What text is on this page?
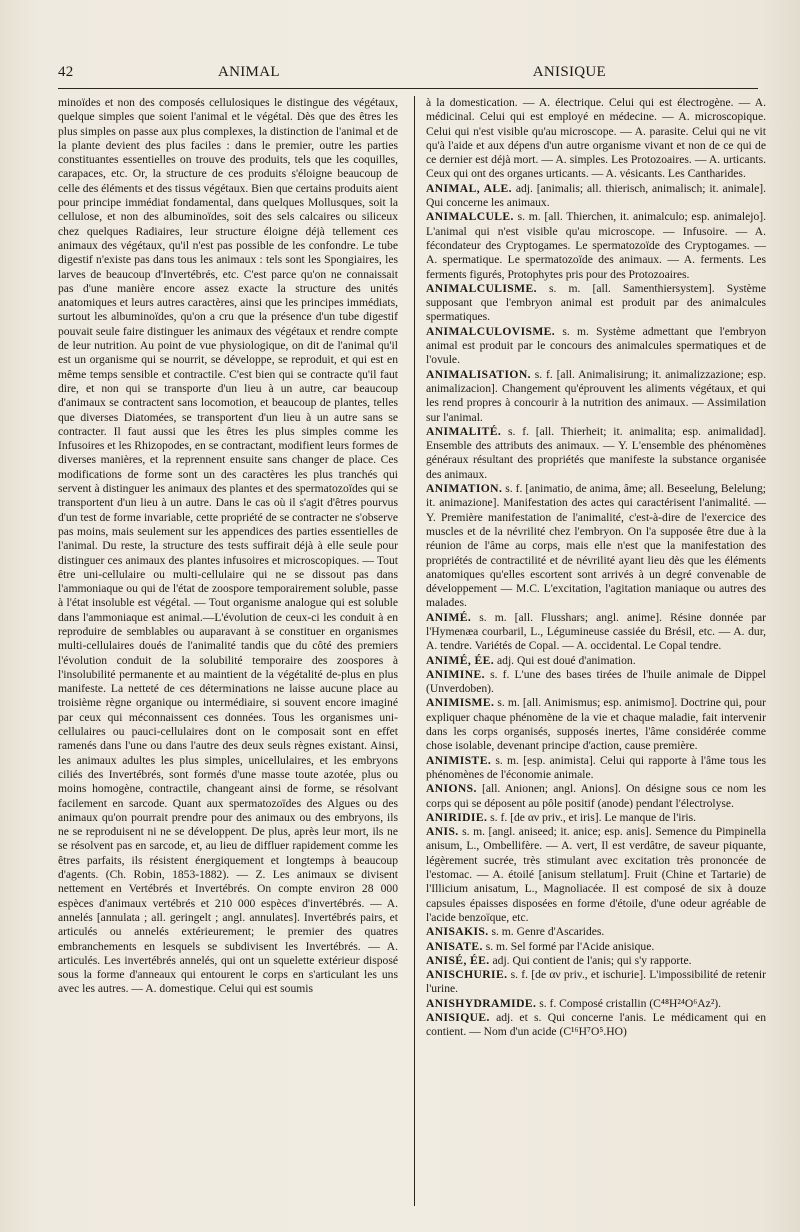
42	ANIMAL	ANISIQUE

minoïdes et non des composés cellulosiques le distingue des végétaux, quelque simples que soient l'animal et le végétal. Dès que des êtres les plus simples on passe aux plus complexes, la distinction de l'animal et de la plante devient des plus faciles : dans le premier, outre les parties constituantes essentielles on trouve des produits, tels que les coquilles, carapaces, etc. Or, la structure de ces produits s'éloigne beaucoup de celle des éléments et des tissus végétaux. Bien que certains produits aient pour principe immédiat fondamental, dans quelques Mollusques, soit la cellulose, et non des albuminoïdes, soit des sels calcaires ou siliceux chez quelques Radiaires, leur structure éloigne déjà tellement ces animaux des végétaux, qu'il n'est pas possible de les confondre. Le tube digestif n'existe pas dans tous les animaux : tels sont les Spongiaires, les larves de beaucoup d'Invertébrés, etc. C'est parce qu'on ne connaissait pas d'une manière encore assez exacte la structure des unités anatomiques et leurs autres caractères, ainsi que les principes immédiats, surtout les albuminoïdes, qu'on a cru que la présence d'un tube digestif pouvait seule faire distinguer les animaux des végétaux et rendre compte de leur nutrition. Au point de vue physiologique, on dit de l'animal qu'il est un organisme qui se nourrit, se développe, se reproduit, et qui est en même temps sensible et contractile. C'est bien qui se contracte qu'il faut dire, et non qui se transporte d'un lieu à un autre, car beaucoup d'animaux se contractent sans locomotion, et beaucoup de plantes, telles que diverses Diatomées, se transportent d'un lieu à un autre sans se contracter. Il faut aussi que les êtres les plus simples comme les Infusoires et les Rhizopodes, en se contractant, modifient leurs formes de diverses manières, et la reprennent ensuite sans changer de place. Ces modifications de forme sont un des caractères les plus tranchés qui servent à distinguer les animaux des plantes et des spermatozoïdes qui se transportent d'un lieu à un autre. Dans le cas où il s'agit d'êtres pourvus d'un test de forme invariable, cette propriété de se contracter ne s'observe pas moins, mais seulement sur les appendices des parties essentielles de l'animal. Du reste, la structure des tests suffirait déjà à elle seule pour distinguer ces animaux des plantes infusoires et microscopiques. — Tout être uni-cellulaire ou multi-cellulaire qui ne se dissout pas dans l'ammoniaque ou qui de l'état de zoospore temporairement soluble, passe à l'état insoluble est végétal. — Tout organisme analogue qui est soluble dans l'ammoniaque est animal.—L'évolution de ceux-ci les conduit à en reproduire de semblables ou auparavant à se constituer en organismes multi-cellulaires doués de l'animalité tandis que du côté des premiers l'évolution conduit de la solubilité temporaire des zoospores à l'insolubilité permanente et au maintient de la végétalité de-plus en plus manifeste. La netteté de ces déterminations ne laisse aucune place au troisième règne organique ou intermédiaire, si souvent encore imaginé par ceux qui méconnaissent ces données. Tous les organismes uni-cellulaires ou pauci-cellulaires dont on le composait sont en effet ramenés dans l'une ou dans l'autre des deux seuls règnes existant. Ainsi, les animaux adultes les plus simples, unicellulaires, et les embryons ciliés des Invertébrés, sont formés d'une masse toute azotée, plus ou moins homogène, contractile, changeant ainsi de forme, se résolvant facilement en sarcode. Quant aux spermatozoïdes des Algues ou des animaux qu'on pourrait prendre pour des animaux ou des embryons, ils ne se reproduisent ni ne se développent. De plus, après leur mort, ils ne se résolvent pas en sarcode, et, au lieu de diffluer rapidement comme les êtres parfaits, ils résistent énergiquement et longtemps à beaucoup d'agents. (Ch. Robin, 1853-1882). — Z. Les animaux se divisent nettement en Vertébrés et Invertébrés. On compte environ 28 000 espèces d'animaux vertébrés et 210 000 espèces d'invertébrés. — A. annelés [annulata ; all. geringelt ; angl. annulates]. Invertébrés pairs, et articulés ou annelés extérieurement; le premier des quatres embranchements en lesquels se subdivisent les Invertébrés. — A. articulés. Les invertébrés annelés, qui ont un squelette extérieur disposé sous la forme d'anneaux qui entourent le corps en s'articulant les uns avec les autres. — A. domestique. Celui qui est soumis

à la domestication. — A. électrique. Celui qui est électrogène. — A. médicinal. Celui qui est employé en médecine. — A. microscopique. Celui qui n'est visible qu'au microscope. — A. parasite. Celui qui ne vit qu'à l'aide et aux dépens d'un autre organisme vivant et non de ce qui de ce dernier est déjà mort. — A. simples. Les Protozoaires. — A. urticants. Ceux qui ont des organes urticants. — A. vésicants. Les Cantharides.

ANIMAL, ALE. adj. [animalis; all. thierisch, animalisch; it. animale]. Qui concerne les animaux.

ANIMALCULE. s. m. [all. Thierchen, it. animalculo; esp. animalejo]. L'animal qui n'est visible qu'au microscope. — Infusoire. — A. fécondateur des Cryptogames. Le spermatozoïde des Cryptogames. — A. spermatique. Le spermatozoïde des animaux. — A. ferments. Les ferments figurés, Protophytes pris pour des Protozoaires.

ANIMALCULISME. s. m. [all. Samenthiersystem]. Système supposant que l'embryon animal est produit par des animalcules spermatiques.

ANIMALCULOVISME. s. m. Système admettant que l'embryon animal est produit par le concours des animalcules spermatiques et de l'ovule.

ANIMALISATION. s. f. [all. Animalisirung; it. animalizzazione; esp. animalizacion]. Changement qu'éprouvent les aliments végétaux, et qui les rend propres à concourir à la nutrition des animaux. — Assimilation sur l'animal.

ANIMALITÉ. s. f. [all. Thierheit; it. animalita; esp. animalidad]. Ensemble des attributs des animaux. — Y. L'ensemble des phénomènes généraux résultant des propriétés que manifeste la substance organisée des animaux.

ANIMATION. s. f. [animatio, de anima, âme; all. Beseelung, Belelung; it. animazione]. Manifestation des actes qui caractérisent l'animalité. — Y. Première manifestation de l'animalité, c'est-à-dire de l'exercice des muscles et de la névrilité chez l'embryon. On l'a supposée être due à la réunion de l'âme au corps, mais elle n'est que la manifestation des propriétés de contractilité et de névrilité ayant lieu dès que les éléments anatomiques qu'elles escortent sont arrivés à un degré convenable de développement — M.C. L'excitation, l'agitation maniaque ou autres des malades.

ANIMÉ. s. m. [all. Flusshars; angl. anime]. Résine donnée par l'Hymenæa courbaril, L., Légumineuse cassiée du Brésil, etc. — A. dur, A. tendre. Variétés de Copal. — A. occidental. Le Copal tendre.

ANIMÉ, ÉE. adj. Qui est doué d'animation.

ANIMINE. s. f. L'une des bases tirées de l'huile animale de Dippel (Unverdoben).

ANIMISME. s. m. [all. Animismus; esp. animismo]. Doctrine qui, pour expliquer chaque phénomène de la vie et chaque maladie, fait intervenir dans les corps organisés, supposés inertes, l'âme considérée comme chose isolable, devenant principe d'action, cause première.

ANIMISTE. s. m. [esp. animista]. Celui qui rapporte à l'âme tous les phénomènes de l'économie animale.

ANIONS. [all. Anionen; angl. Anions]. On désigne sous ce nom les corps qui se déposent au pôle positif (anode) pendant l'électrolyse.

ANIRIDIE. s. f. [de αν priv., et iris]. Le manque de l'iris.

ANIS. s. m. [angl. aniseed; it. anice; esp. anis]. Semence du Pimpinella anisum, L., Ombellifère. — A. vert, Il est verdâtre, de saveur piquante, légèrement sucrée, très stimulant avec excitation très prononcée de l'estomac. — A. étoilé [anisum stellatum]. Fruit (Chine et Tartarie) de l'Illicium anisatum, L., Magnoliacée. Il est composé de six à douze capsules épaisses disposées en forme d'étoile, d'une odeur agréable de l'acide benzoïque, etc.

ANISAKIS. s. m. Genre d'Ascarides.

ANISATE. s. m. Sel formé par l'Acide anisique.

ANISÉ, ÉE. adj. Qui contient de l'anis; qui s'y rapporte.

ANISCHURIE. s. f. [de αν priv., et ischurie]. L'impossibilité de retenir l'urine.

ANISHYDRAMIDE. s. f. Composé cristallin (C⁴⁸H²⁴O⁶Az²).

ANISIQUE. adj. et s. Qui concerne l'anis. Le médicament qui en contient. — Nom d'un acide (C¹⁶H⁷O⁵.HO)
